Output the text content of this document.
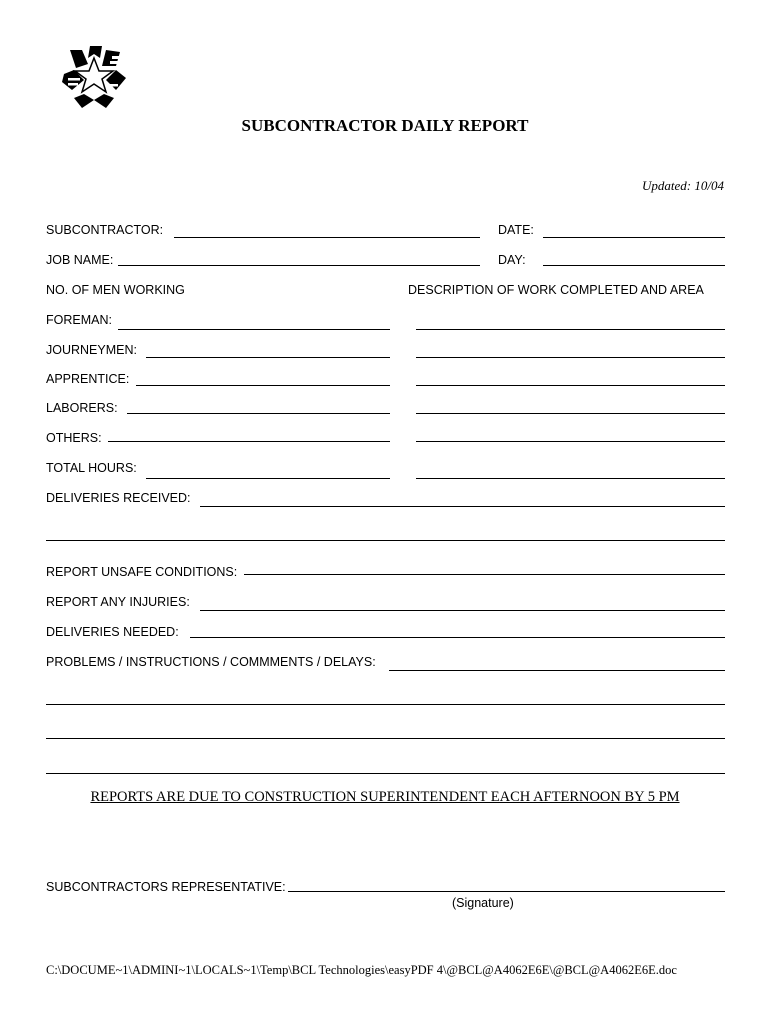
SUBCONTRACTOR DAILY REPORT
Updated: 10/04
SUBCONTRACTOR:	DATE:
JOB NAME:	DAY:
NO. OF MEN WORKING	DESCRIPTION OF WORK COMPLETED AND AREA
FOREMAN:
JOURNEYMEN:
APPRENTICE:
LABORERS:
OTHERS:
TOTAL HOURS:
DELIVERIES RECEIVED:
REPORT UNSAFE CONDITIONS:
REPORT ANY INJURIES:
DELIVERIES NEEDED:
PROBLEMS / INSTRUCTIONS / COMMMENTS / DELAYS:
REPORTS ARE DUE TO CONSTRUCTION SUPERINTENDENT EACH AFTERNOON BY 5 PM
SUBCONTRACTORS REPRESENTATIVE:
(Signature)
C:\DOCUME~1\ADMINI~1\LOCALS~1\Temp\BCL Technologies\easyPDF 4\@BCL@A4062E6E\@BCL@A4062E6E.doc
